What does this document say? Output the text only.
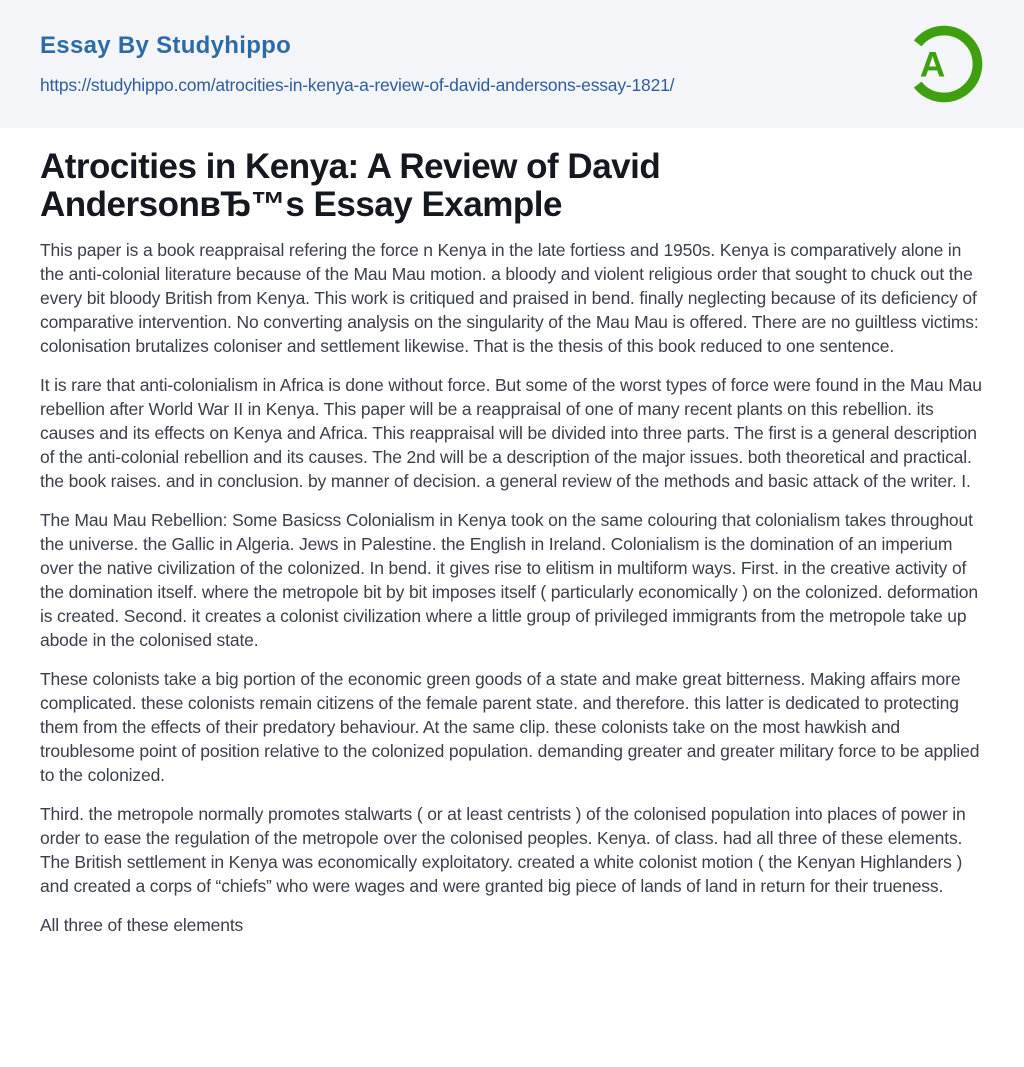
Essay By Studyhippo
https://studyhippo.com/atrocities-in-kenya-a-review-of-david-andersons-essay-1821/
A
Atrocities in Kenya: A Review of David
AndersonвЂ™s Essay Example

This paper is a book reappraisal refering the force n Kenya in the late fortiess and 1950s. Kenya is comparatively alone in the anti-colonial literature because of the Mau Mau motion. a bloody and violent religious order that sought to chuck out the every bit bloody British from Kenya. This work is critiqued and praised in bend. finally neglecting because of its deficiency of comparative intervention. No converting analysis on the singularity of the Mau Mau is offered. There are no guiltless victims: colonisation brutalizes coloniser and settlement likewise. That is the thesis of this book reduced to one sentence.

It is rare that anti-colonialism in Africa is done without force. But some of the worst types of force were found in the Mau Mau rebellion after World War II in Kenya. This paper will be a reappraisal of one of many recent plants on this rebellion. its causes and its effects on Kenya and Africa. This reappraisal will be divided into three parts. The first is a general description of the anti-colonial rebellion and its causes. The 2nd will be a description of the major issues. both theoretical and practical. the book raises. and in conclusion. by manner of decision. a general review of the methods and basic attack of the writer. I.

The Mau Mau Rebellion: Some Basicss Colonialism in Kenya took on the same colouring that colonialism takes throughout the universe. the Gallic in Algeria. Jews in Palestine. the English in Ireland. Colonialism is the domination of an imperium over the native civilization of the colonized. In bend. it gives rise to elitism in multiform ways. First. in the creative activity of the domination itself. where the metropole bit by bit imposes itself ( particularly economically ) on the colonized. deformation is created. Second. it creates a colonist civilization where a little group of privileged immigrants from the metropole take up abode in the colonised state.

These colonists take a big portion of the economic green goods of a state and make great bitterness. Making affairs more complicated. these colonists remain citizens of the female parent state. and therefore. this latter is dedicated to protecting them from the effects of their predatory behaviour. At the same clip. these colonists take on the most hawkish and troublesome point of position relative to the colonized population. demanding greater and greater military force to be applied to the colonized.

Third. the metropole normally promotes stalwarts ( or at least centrists ) of the colonised population into places of power in order to ease the regulation of the metropole over the colonised peoples. Kenya. of class. had all three of these elements. The British settlement in Kenya was economically exploitatory. created a white colonist motion ( the Kenyan Highlanders ) and created a corps of “chiefs” who were wages and were granted big piece of lands of land in return for their trueness.

All three of these elements
